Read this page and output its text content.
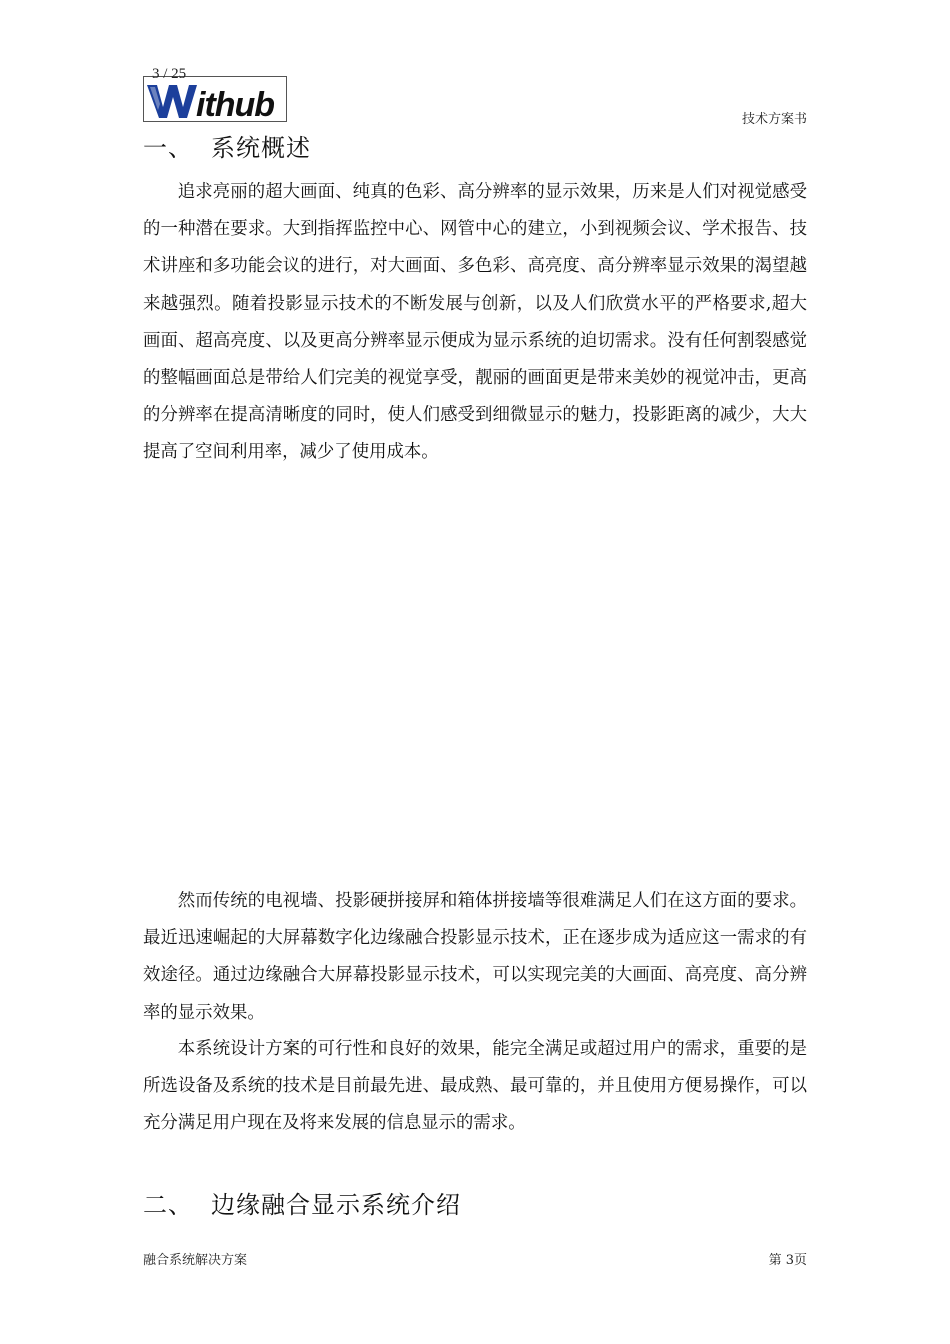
3 / 25
ithub	技术方案书
一、 系统概述

追求亮丽的超大画面、纯真的色彩、高分辨率的显示效果，历来是人们对视觉感受的一种潜在要求。大到指挥监控中心、网管中心的建立，小到视频会议、学术报告、技术讲座和多功能会议的进行，对大画面、多色彩、高亮度、高分辨率显示效果的渴望越来越强烈。随着投影显示技术的不断发展与创新，以及人们欣赏水平的严格要求,超大画面、超高亮度、以及更高分辨率显示便成为显示系统的迫切需求。没有任何割裂感觉的整幅画面总是带给人们完美的视觉享受，靓丽的画面更是带来美妙的视觉冲击，更高的分辨率在提高清晰度的同时，使人们感受到细微显示的魅力，投影距离的减少，大大提高了空间利用率，减少了使用成本。

然而传统的电视墙、投影硬拼接屏和箱体拼接墙等很难满足人们在这方面的要求。最近迅速崛起的大屏幕数字化边缘融合投影显示技术，正在逐步成为适应这一需求的有效途径。通过边缘融合大屏幕投影显示技术，可以实现完美的大画面、高亮度、高分辨率的显示效果。

本系统设计方案的可行性和良好的效果，能完全满足或超过用户的需求，重要的是所选设备及系统的技术是目前最先进、最成熟、最可靠的，并且使用方便易操作，可以充分满足用户现在及将来发展的信息显示的需求。

二、 边缘融合显示系统介绍
融合系统解决方案	第 3页
